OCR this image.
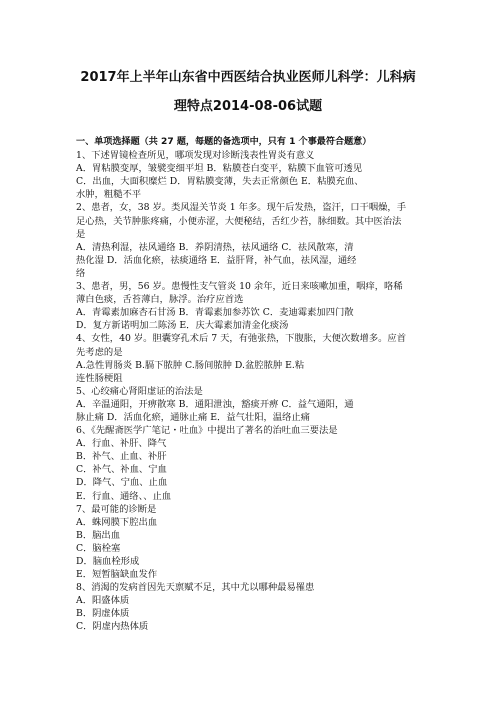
2017年上半年山东省中西医结合执业医师儿科学：儿科病
理特点2014-08-06试题
一、单项选择题（共 27 题，每题的备选项中，只有 1 个事最符合题意）
1、下述胃镜检查所见，哪项发现对诊断浅表性胃炎有意义
A．胃粘膜变厚，皱襞变细平坦 B．粘膜苍白变平，粘膜下血管可透见
C．出血，大面积糜烂 D．胃粘膜变薄，失去正常颜色 E．粘膜充血、
水肿，粗糙不平
2、患者，女，38 岁。类风湿关节炎 1 年多。现午后发热，盗汗，口干咽燥，手
足心热，关节肿胀疼痛，小便赤涩，大便秘结，舌红少苔，脉细数。其中医治法
是
A．清热利湿，祛风通络 B．养阴清热，祛风通络 C．祛风散寒，清
热化湿 D．活血化瘀，祛痰通络 E．益肝肾，补气血，祛风湿，通经
络
3、患者，男，56 岁。患慢性支气管炎 10 余年，近日来咳嗽加重，咽痒，咯稀
薄白色痰，舌苔薄白，脉浮。治疗应首选
A．青霉素加麻杏石甘汤 B．青霉素加参苏饮 C．麦迪霉素加四门散
D．复方新诺明加二陈汤 E．庆大霉素加清金化痰汤
4、女性，40 岁。胆囊穿孔术后 7 天，有弛张热，下腹胀，大便次数增多。应首
先考虑的是
A.急性胃肠炎 B.膈下脓肿 C.肠间脓肿 D.盆腔脓肿 E.粘
连性肠梗阻
5、心绞痛心肾阳虚证的治法是
A．辛温通阳，开痹散寒 B．通阳泄浊，豁痰开痹 C．益气通阳，通
脉止痛 D．活血化瘀，通脉止痛 E．益气壮阳，温络止痛
6、《先醒斋医学广笔记・吐血》中提出了著名的治吐血三要法是
A．行血、补肝、降气
B．补气、止血、补肝
C．补气、补血、宁血
D．降气、宁血、止血
E．行血、通络、、止血
7、最可能的诊断是
A．蛛网膜下腔出血
B．脑出血
C．脑栓塞
D．脑血栓形成
E．短暂脑缺血发作
8、消渴的发病首因先天禀赋不足，其中尤以哪种最易罹患
A．阳盛体质
B．阴虚体质
C．阴虚内热体质
